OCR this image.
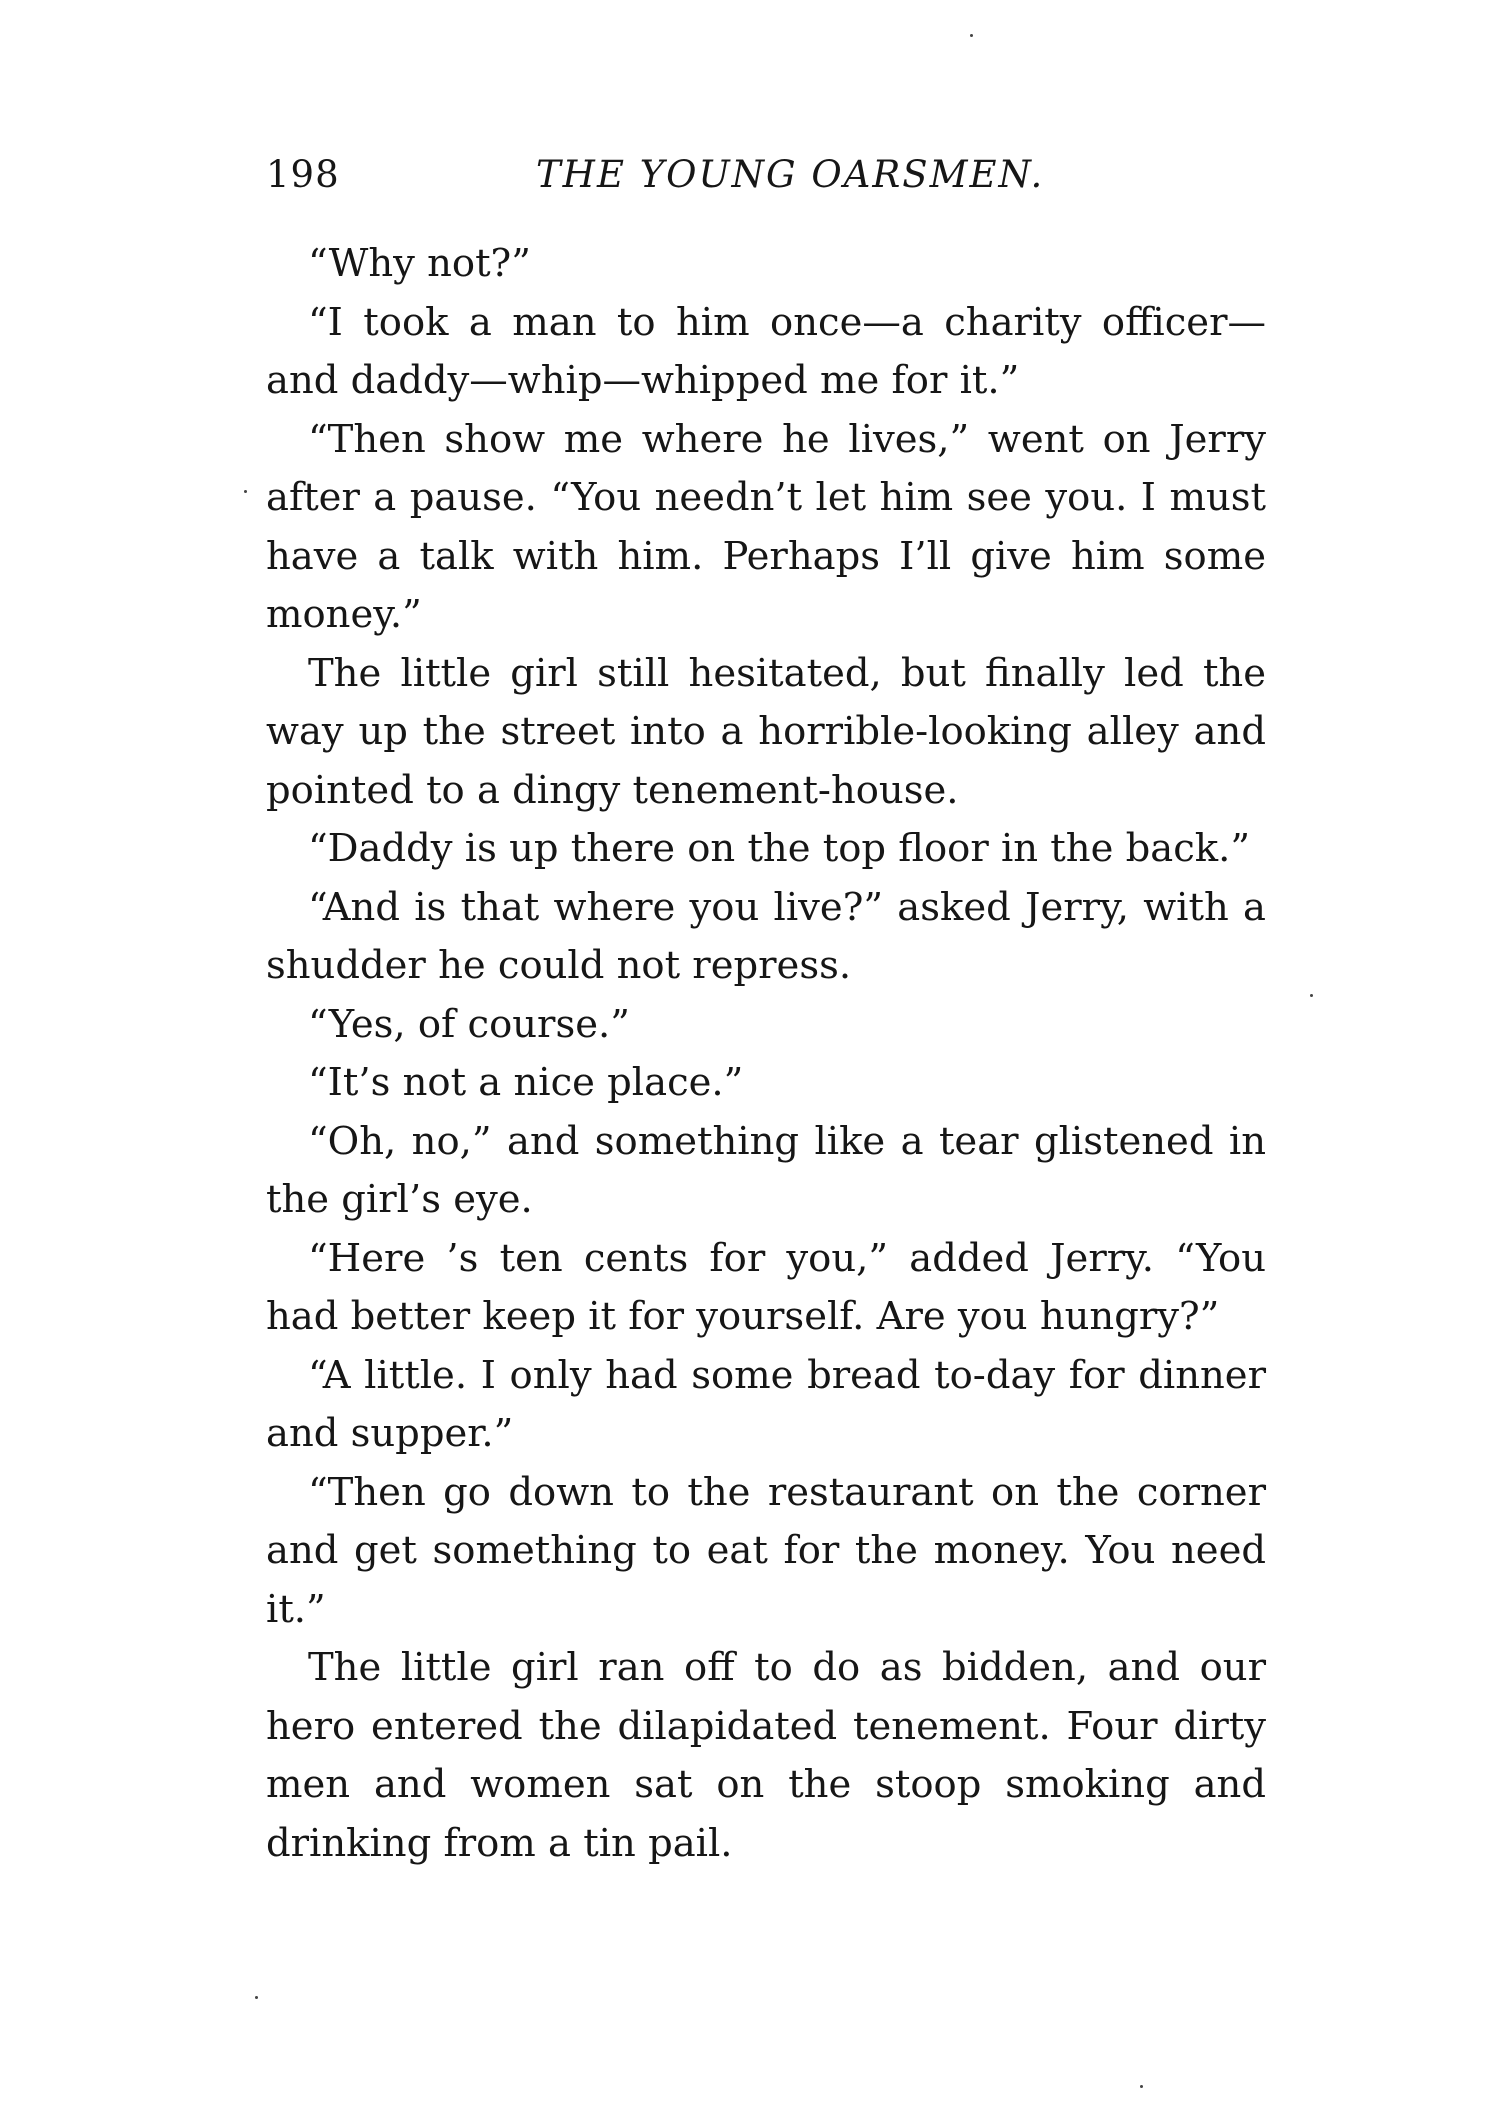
198	THE YOUNG OARSMEN.

“Why not?”

“I took a man to him once—a charity officer—and daddy—whip—whipped me for it.”

“Then show me where he lives,” went on Jerry after a pause. “You needn’t let him see you. I must have a talk with him. Perhaps I’ll give him some money.”

The little girl still hesitated, but finally led the way up the street into a horrible-looking alley and pointed to a dingy tenement-house.

“Daddy is up there on the top floor in the back.”

“And is that where you live?” asked Jerry, with a shudder he could not repress.

“Yes, of course.”

“It’s not a nice place.”

“Oh, no,” and something like a tear glistened in the girl’s eye.

“Here ’s ten cents for you,” added Jerry. “You had better keep it for yourself. Are you hungry?”

“A little. I only had some bread to-day for dinner and supper.”

“Then go down to the restaurant on the corner and get something to eat for the money. You need it.”

The little girl ran off to do as bidden, and our hero entered the dilapidated tenement. Four dirty men and women sat on the stoop smoking and drinking from a tin pail.
